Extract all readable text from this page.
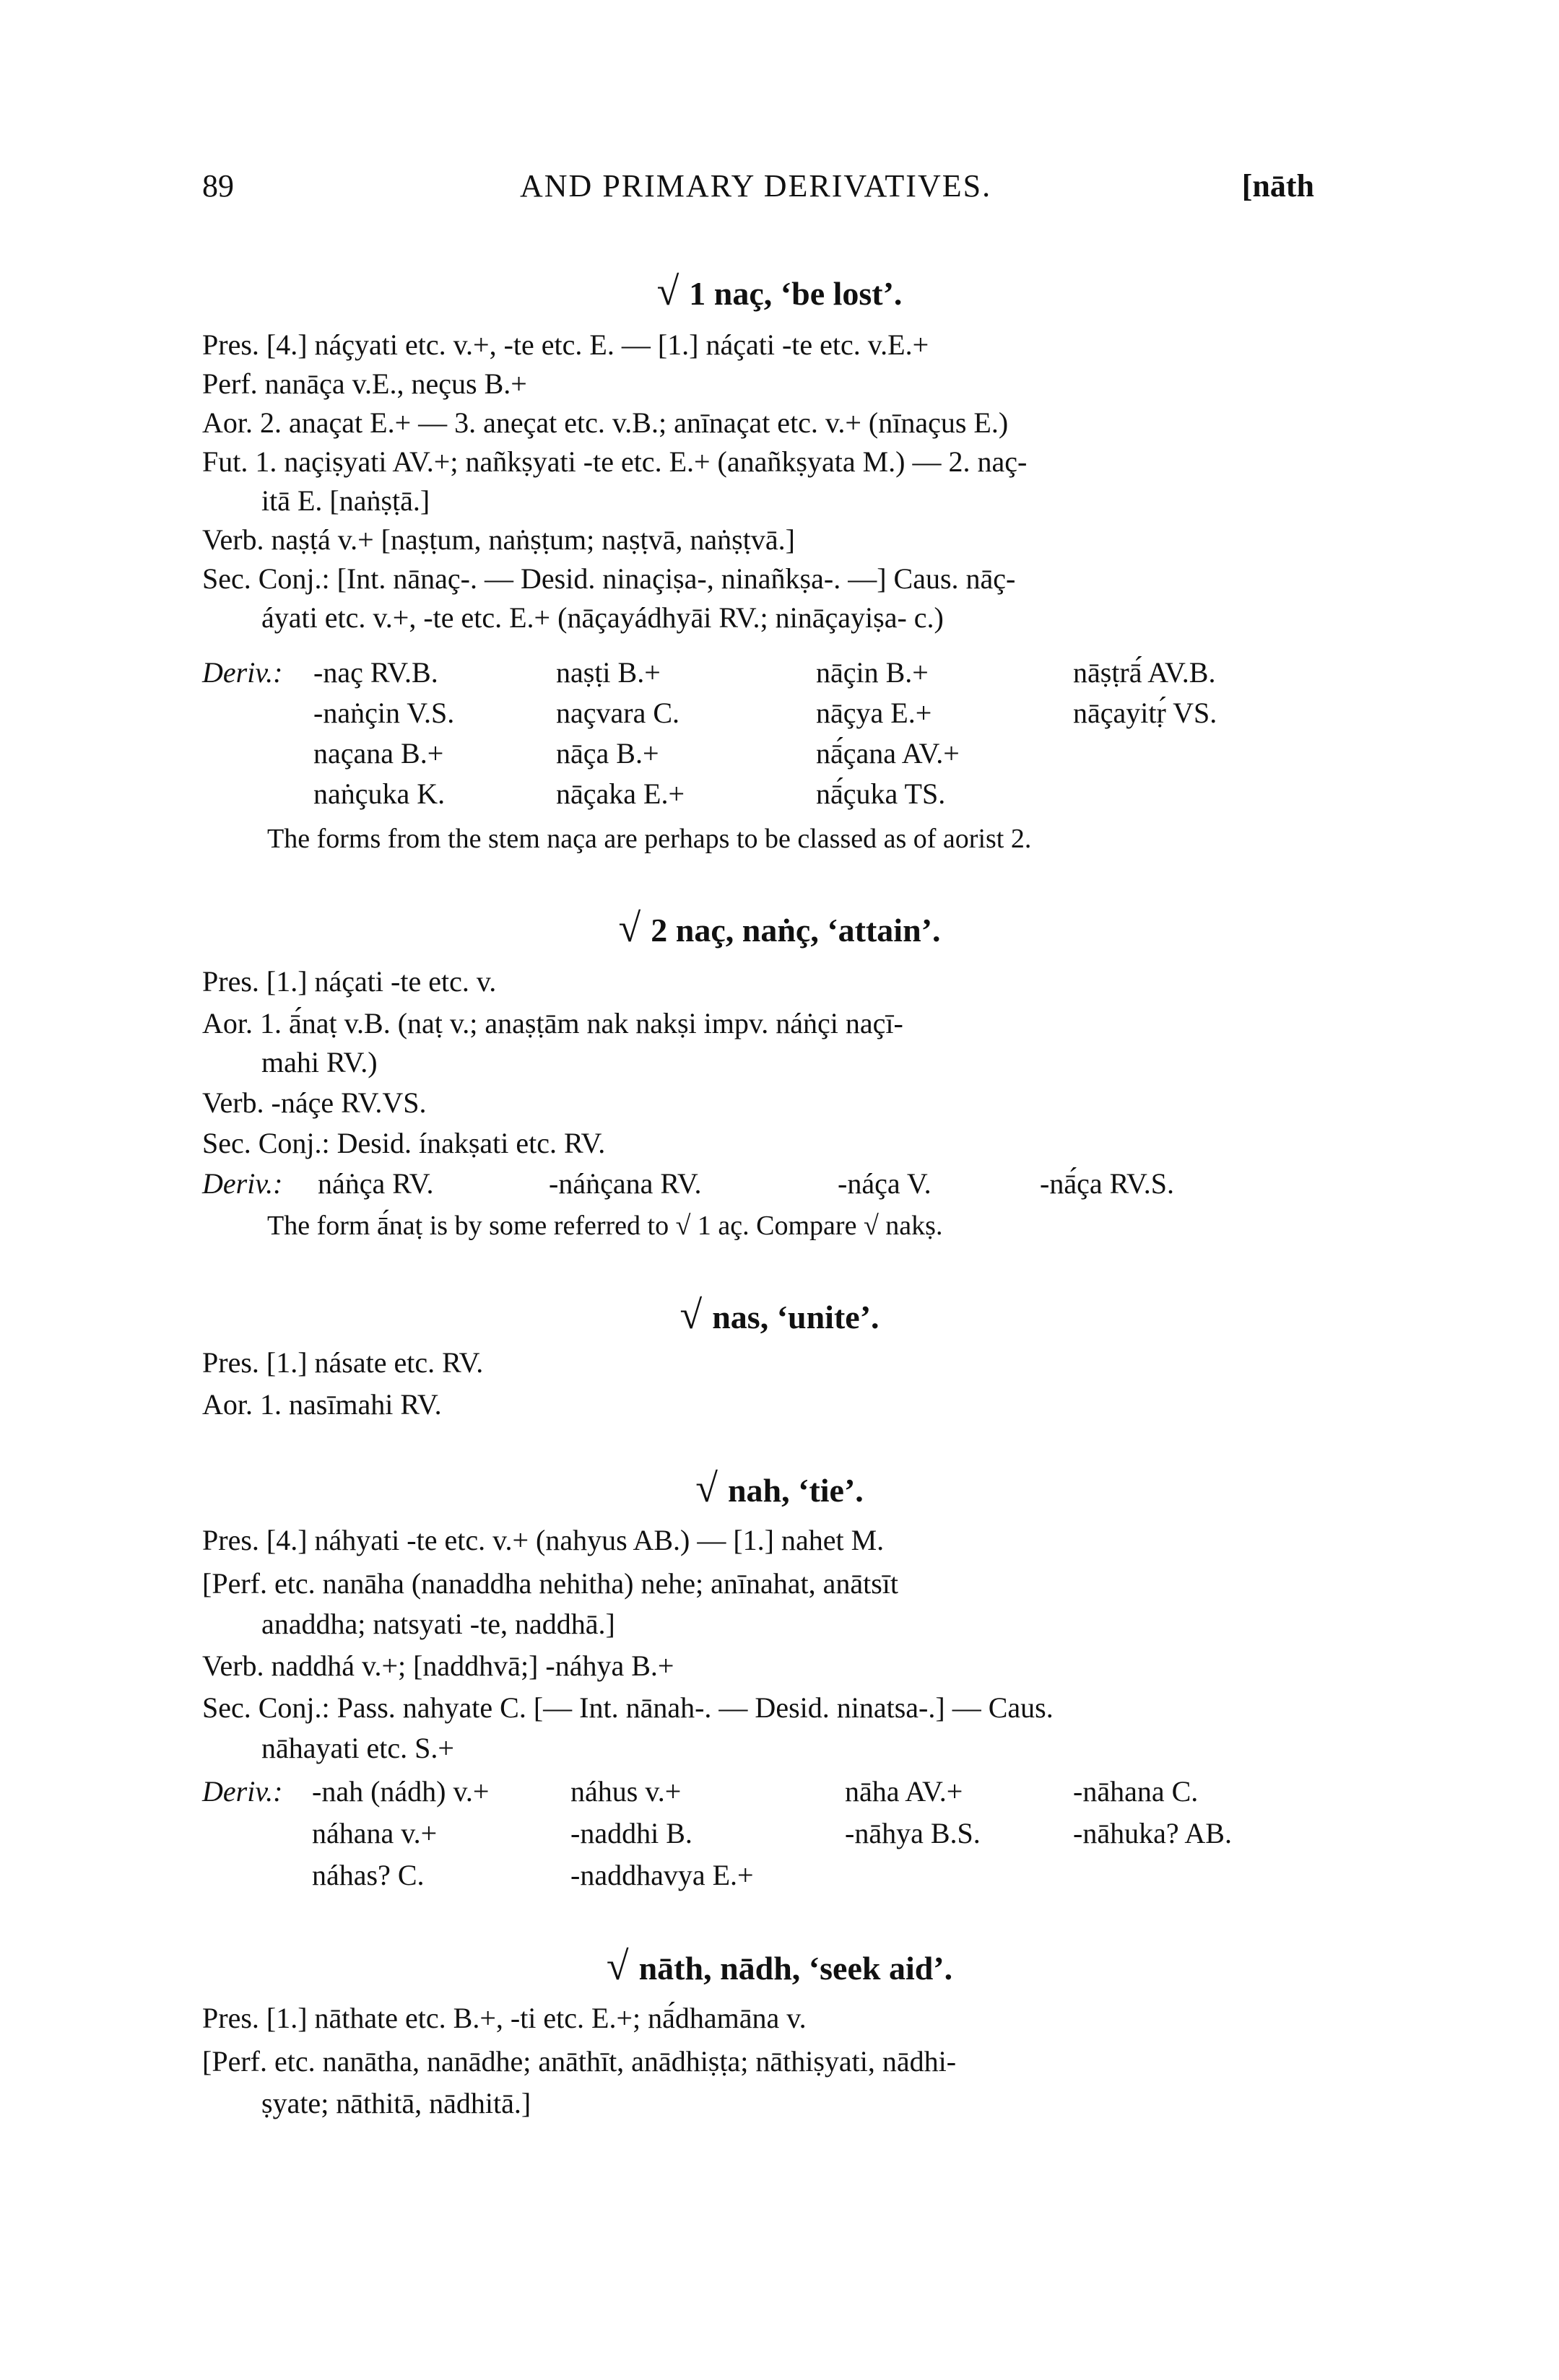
89	AND PRIMARY DERIVATIVES.	[nāth
√ 1 naç, ‘be lost’.
Pres. [4.] náçyati etc. v.+, -te etc. E. — [1.] náçati -te etc. v.E.+
Perf. nanāça v.E., neçus B.+
Aor. 2. anaçat E.+ — 3. aneçat etc. v.B.; anīnaçat etc. v.+ (nīnaçus E.)
Fut. 1. naçiṣyati AV.+; nañkṣyati -te etc. E.+ (anañkṣyata M.) — 2. naç-
itā E. [naṅṣṭā.]
Verb. naṣṭá v.+ [naṣṭum, naṅṣṭum; naṣṭvā, naṅṣṭvā.]
Sec. Conj.: [Int. nānaç-. — Desid. ninaçiṣa-, ninañkṣa-. —] Caus. nāç-
áyati etc. v.+, -te etc. E.+ (nāçayádhyāi RV.; nināçayiṣa- c.)
Deriv.: -naç RV.B.	naṣṭi B.+	nāçin B.+	nāṣṭrā́ AV.B.
-naṅçin V.S.	naçvara C.	nāçya E.+	nāçayitṛ́ VS.
naçana B.+	nāça B.+	nā́çana AV.+
naṅçuka K.	nāçaka E.+	nā́çuka TS.
The forms from the stem naça are perhaps to be classed as of aorist 2.
√ 2 naç, naṅç, ‘attain’.
Pres. [1.] náçati -te etc. v.
Aor. 1. ā́naṭ v.B. (naṭ v.; anaṣṭām nak nakṣi impv. náṅçi naçī-
mahi RV.)
Verb. -náçe RV.VS.
Sec. Conj.: Desid. ínakṣati etc. RV.
Deriv.: náṅça RV.	-náṅçana RV.	-náça V.	-nā́ça RV.S.
The form ā́naṭ is by some referred to √ 1 aç. Compare √ nakṣ.
√ nas, ‘unite’.
Pres. [1.] násate etc. RV.
Aor. 1. nasīmahi RV.
√ nah, ‘tie’.
Pres. [4.] náhyati -te etc. v.+ (nahyus AB.) — [1.] nahet M.
[Perf. etc. nanāha (nanaddha nehitha) nehe; anīnahat, anātsīt
anaddha; natsyati -te, naddhā.]
Verb. naddhá v.+; [naddhvā;] -náhya B.+
Sec. Conj.: Pass. nahyate C. [— Int. nānah-. — Desid. ninatsa-.] — Caus.
nāhayati etc. S.+
Deriv.: -nah (nádh) v.+	náhus v.+	nāha AV.+	-nāhana C.
náhana v.+	-naddhi B.	-nāhya B.S.	-nāhuka? AB.
náhas? C.	-naddhavya E.+
√ nāth, nādh, ‘seek aid’.
Pres. [1.] nāthate etc. B.+, -ti etc. E.+; nā́dhamāna v.
[Perf. etc. nanātha, nanādhe; anāthīt, anādhiṣṭa; nāthiṣyati, nādhi-
ṣyate; nāthitā, nādhitā.]
